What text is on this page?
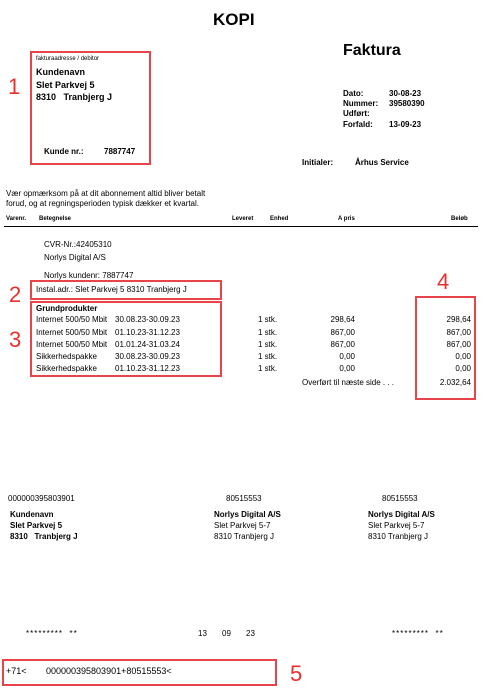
KOPI
Faktura
1
2
3
4
5
fakturaadresse / debitor
Kundenavn
Slet Parkvej 5
8310   Tranbjerg J
Kunde nr.:	7887747
Dato:	30-08-23
Nummer: 39580390
Udført:
Forfald: 13-09-23
Initialer:	Århus Service
Vær opmærksom på at dit abonnement altid bliver betalt
forud, og at regningsperioden typisk dækker et kvartal.
Varenr. Betegnelse	Leveret	Enhed	A pris	Beløb
CVR-Nr.:42405310
Norlys Digital A/S
Norlys kundenr: 7887747
Instal.adr.: Slet Parkvej 5 8310 Tranbjerg J
Grundprodukter
Internet 500/50 Mbit 30.08.23-30.09.23	1 stk.	298,64	298,64
Internet 500/50 Mbit 01.10.23-31.12.23	1 stk.	867,00	867,00
Internet 500/50 Mbit 01.01.24-31.03.24	1 stk.	867,00	867,00
Sikkerhedspakke 30.08.23-30.09.23	1 stk.	0,00	0,00
Sikkerhedspakke 01.10.23-31.12.23	1 stk.	0,00	0,00
Overført til næste side . . .	2.032,64
000000395803901	80515553	80515553
Kundenavn
Slet Parkvej 5
8310   Tranbjerg J
Norlys Digital A/S
Slet Parkvej 5-7
8310 Tranbjerg J
Norlys Digital A/S
Slet Parkvej 5-7
8310 Tranbjerg J
*********  **	13 09 23	*********  **
+71< 000000395803901+80515553<
